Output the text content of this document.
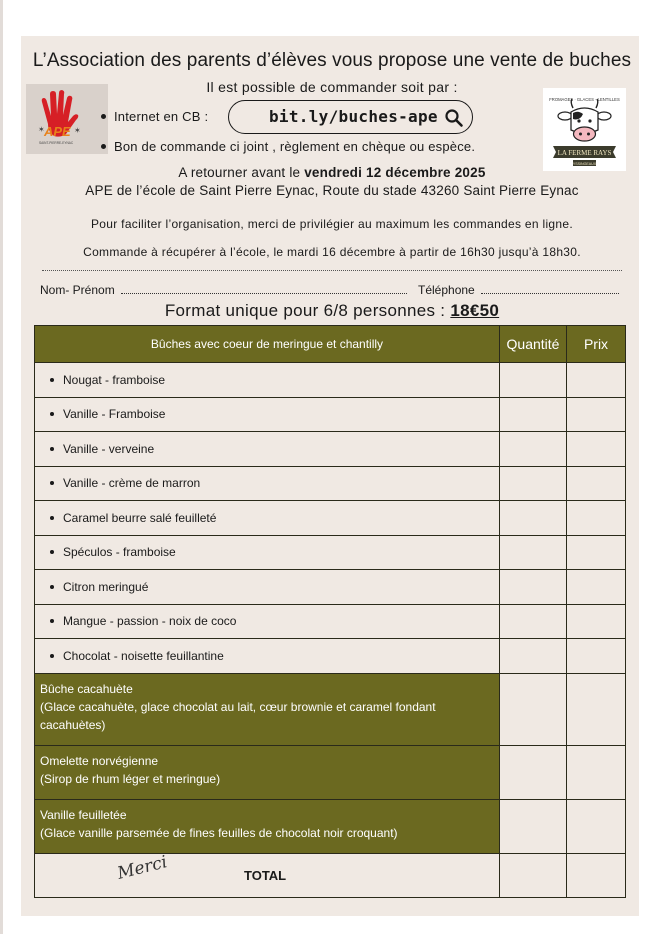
L’Association des parents d’élèves vous propose une vente de buches
Il est possible de commander soit par :
APE
✶	✶
SAINT-PIERRE-EYNAC
Internet en CB :	bit.ly/buches-ape
Bon de commande ci joint , règlement en chèque ou espèce.
FROMAGES · GLACES · LENTILLES
LA FERME RAYS
YSSINGEAUX
A retourner avant le vendredi 12 décembre 2025
APE de l’école de Saint Pierre Eynac, Route du stade 43260 Saint Pierre Eynac
Pour faciliter l’organisation, merci de privilégier au maximum les commandes en ligne.
Commande à récupérer à l’école, le mardi 16 décembre à partir de 16h30 jusqu’à 18h30.
Nom- Prénom	Téléphone
Format unique pour 6/8 personnes : 18€50
Bûches avec coeur de meringue et chantilly	Quantité	Prix
Nougat - framboise		
Vanille - Framboise		
Vanille - verveine		
Vanille - crème de marron		
Caramel beurre salé feuilleté		
Spéculos - framboise		
Citron meringué		
Mangue - passion - noix de coco		
Chocolat - noisette feuillantine		

Bûche cacahuète
(Glace cacahuète, glace chocolat au lait, cœur brownie et caramel fondant cacahuètes)		

Omelette norvégienne
(Sirop de rhum léger et meringue)		

Vanille feuilletée
(Glace vanille parsemée de fines feuilles de chocolat noir croquant)		

Merci TOTAL		
